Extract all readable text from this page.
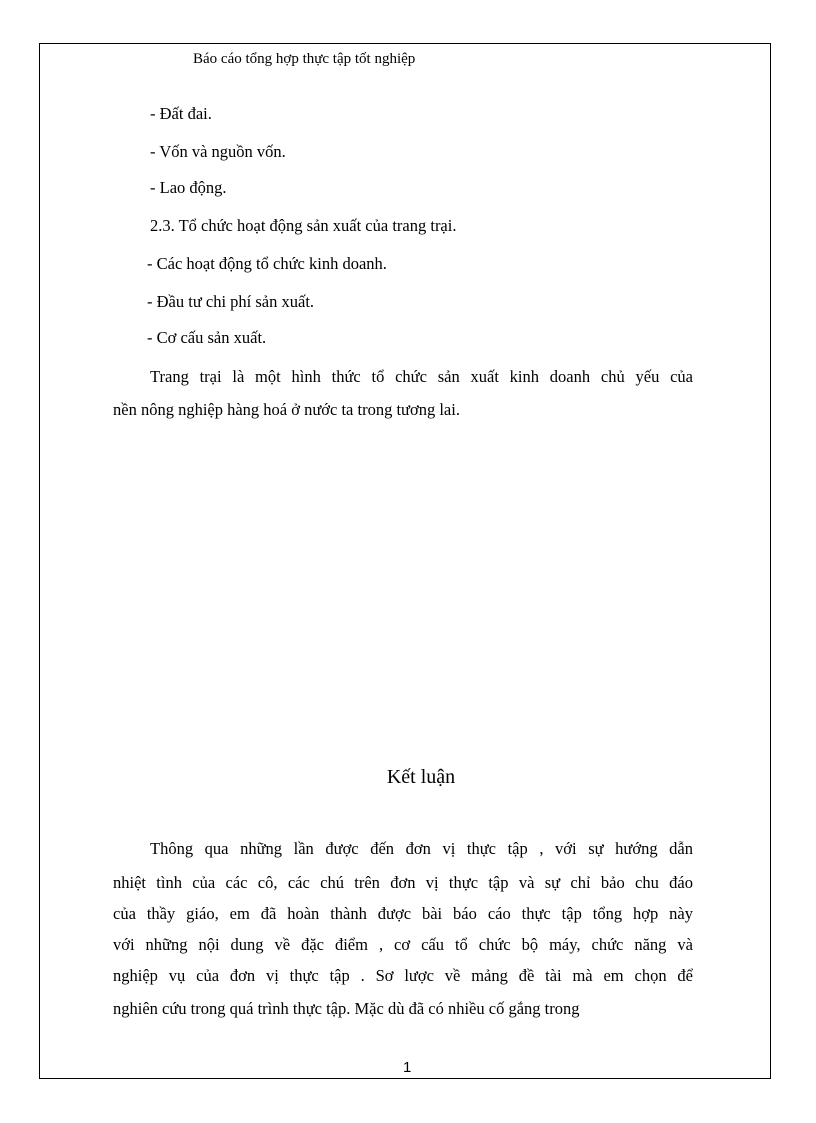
Báo cáo tổng hợp thực tập tốt nghiệp
- Đất đai.
- Vốn và nguồn vốn.
- Lao động.
2.3. Tổ chức hoạt động sản xuất của trang trại.
- Các hoạt động tổ chức kinh doanh.
- Đầu tư chi phí sản xuất.
- Cơ cấu sản xuất.
Trang trại là một hình thức tổ chức sản xuất kinh doanh chủ yếu của
nền nông nghiệp hàng hoá ở nước ta trong tương lai.
Kết luận
Thông qua những lần được đến đơn vị thực tập , với sự hướng dẫn
nhiệt tình của các cô, các chú trên đơn vị thực tập và sự chỉ bảo chu đáo
của thầy giáo, em đã hoàn thành được bài báo cáo thực tập tổng hợp này
với những nội dung về đặc điểm , cơ cấu tổ chức bộ máy, chức năng và
nghiệp vụ của đơn vị thực tập . Sơ lược về mảng đề tài mà em chọn để
nghiên cứu trong quá trình thực tập. Mặc dù đã có nhiều cố gắng trong
1
